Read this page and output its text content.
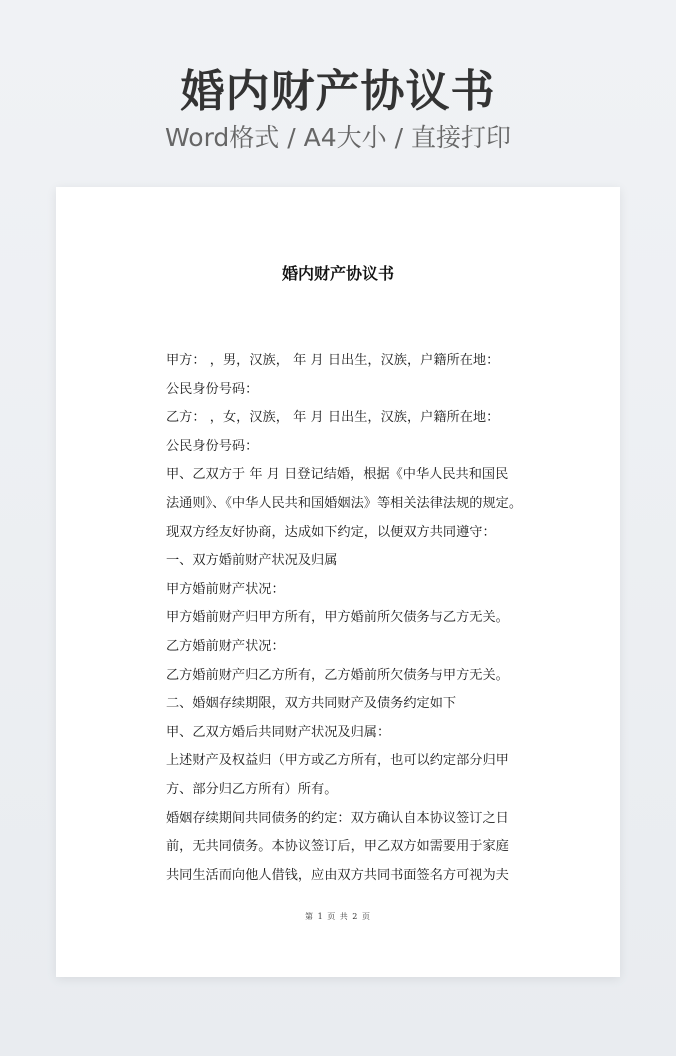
婚内财产协议书
Word格式 / A4大小 / 直接打印
婚内财产协议书
甲方： ，男，汉族， 年 月 日出生，汉族，户籍所在地：
公民身份号码：
乙方： ，女，汉族， 年 月 日出生，汉族，户籍所在地：
公民身份号码：
甲、乙双方于 年 月 日登记结婚，根据《中华人民共和国民
法通则》、《中华人民共和国婚姻法》等相关法律法规的规定。
现双方经友好协商，达成如下约定，以便双方共同遵守：
一、双方婚前财产状况及归属
甲方婚前财产状况：
甲方婚前财产归甲方所有，甲方婚前所欠债务与乙方无关。
乙方婚前财产状况：
乙方婚前财产归乙方所有，乙方婚前所欠债务与甲方无关。
二、婚姻存续期限，双方共同财产及债务约定如下
甲、乙双方婚后共同财产状况及归属：
上述财产及权益归（甲方或乙方所有，也可以约定部分归甲
方、部分归乙方所有）所有。
婚姻存续期间共同债务的约定：双方确认自本协议签订之日
前，无共同债务。本协议签订后，甲乙双方如需要用于家庭
共同生活而向他人借钱，应由双方共同书面签名方可视为夫
第 1 页 共 2 页
